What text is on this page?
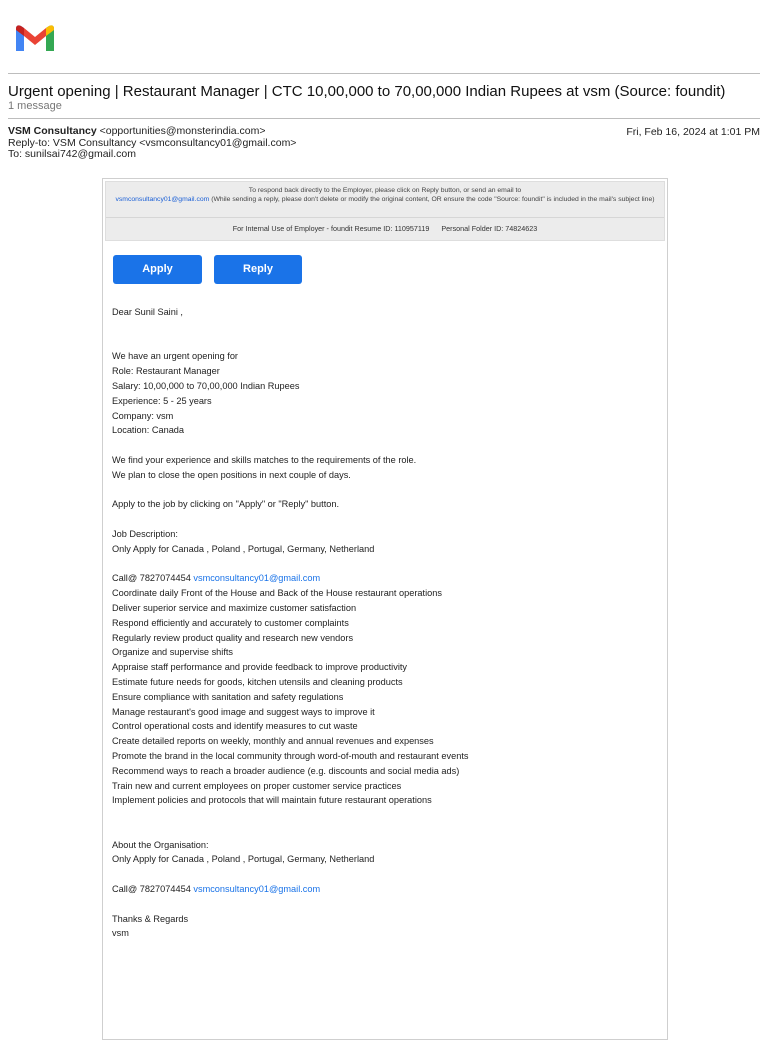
Urgent opening | Restaurant Manager | CTC 10,00,000 to 70,00,000 Indian Rupees at vsm (Source: foundit)
1 message
VSM Consultancy <opportunities@monsterindia.com>
Reply-to: VSM Consultancy <vsmconsultancy01@gmail.com>
To: sunilsai742@gmail.com
Fri, Feb 16, 2024 at 1:01 PM
To respond back directly to the Employer, please click on Reply button, or send an email to
vsmconsultancy01@gmail.com (While sending a reply, please don't delete or modify the original content, OR ensure the code "Source: foundit" is included in the mail's subject line)
For Internal Use of Employer - foundit Resume ID: 110957119 Personal Folder ID: 74824623
Apply	Reply

Dear Sunil Saini ,

We have an urgent opening for

Role: Restaurant Manager

Salary: 10,00,000 to 70,00,000 Indian Rupees

Experience: 5 - 25 years

Company: vsm

Location: Canada

We find your experience and skills matches to the requirements of the role.

We plan to close the open positions in next couple of days.

Apply to the job by clicking on "Apply" or "Reply" button.

Job Description:

Only Apply for Canada , Poland , Portugal, Germany, Netherland

Call@ 7827074454 vsmconsultancy01@gmail.com

Coordinate daily Front of the House and Back of the House restaurant operations

Deliver superior service and maximize customer satisfaction

Respond efficiently and accurately to customer complaints

Regularly review product quality and research new vendors

Organize and supervise shifts

Appraise staff performance and provide feedback to improve productivity

Estimate future needs for goods, kitchen utensils and cleaning products

Ensure compliance with sanitation and safety regulations

Manage restaurant's good image and suggest ways to improve it

Control operational costs and identify measures to cut waste

Create detailed reports on weekly, monthly and annual revenues and expenses

Promote the brand in the local community through word-of-mouth and restaurant events

Recommend ways to reach a broader audience (e.g. discounts and social media ads)

Train new and current employees on proper customer service practices

Implement policies and protocols that will maintain future restaurant operations

About the Organisation:

Only Apply for Canada , Poland , Portugal, Germany, Netherland

Call@ 7827074454 vsmconsultancy01@gmail.com

Thanks & Regards

vsm
